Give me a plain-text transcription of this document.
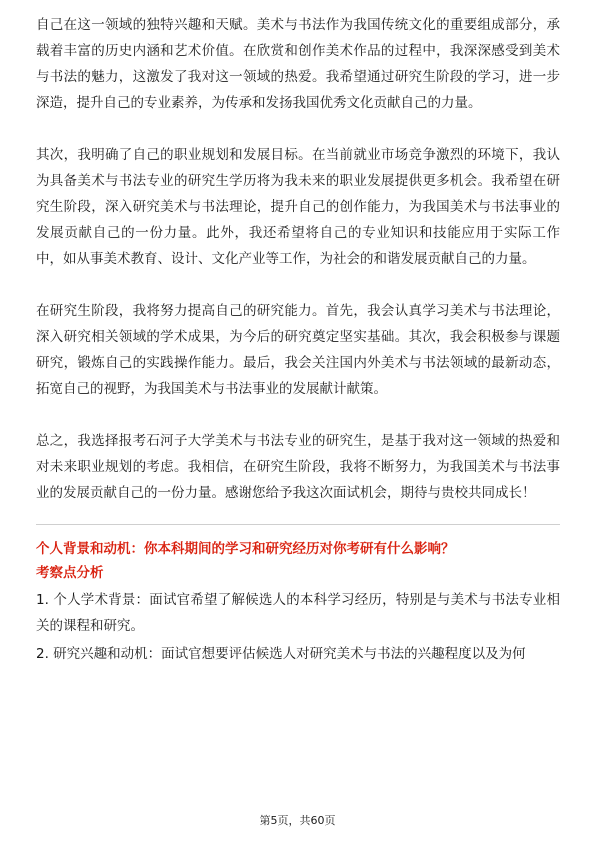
自己在这一领域的独特兴趣和天赋。美术与书法作为我国传统文化的重要组成部分，承载着丰富的历史内涵和艺术价值。在欣赏和创作美术作品的过程中，我深深感受到美术与书法的魅力，这激发了我对这一领域的热爱。我希望通过研究生阶段的学习，进一步深造，提升自己的专业素养，为传承和发扬我国优秀文化贡献自己的力量。

其次，我明确了自己的职业规划和发展目标。在当前就业市场竞争激烈的环境下，我认为具备美术与书法专业的研究生学历将为我未来的职业发展提供更多机会。我希望在研究生阶段，深入研究美术与书法理论，提升自己的创作能力，为我国美术与书法事业的发展贡献自己的一份力量。此外，我还希望将自己的专业知识和技能应用于实际工作中，如从事美术教育、设计、文化产业等工作，为社会的和谐发展贡献自己的力量。

在研究生阶段，我将努力提高自己的研究能力。首先，我会认真学习美术与书法理论，深入研究相关领域的学术成果，为今后的研究奠定坚实基础。其次，我会积极参与课题研究，锻炼自己的实践操作能力。最后，我会关注国内外美术与书法领域的最新动态，拓宽自己的视野，为我国美术与书法事业的发展献计献策。

总之，我选择报考石河子大学美术与书法专业的研究生，是基于我对这一领域的热爱和对未来职业规划的考虑。我相信，在研究生阶段，我将不断努力，为我国美术与书法事业的发展贡献自己的一份力量。感谢您给予我这次面试机会，期待与贵校共同成长！

个人背景和动机：你本科期间的学习和研究经历对你考研有什么影响？

考察点分析

1. 个人学术背景：面试官希望了解候选人的本科学习经历，特别是与美术与书法专业相关的课程和研究。

2. 研究兴趣和动机：面试官想要评估候选人对研究美术与书法的兴趣程度以及为何

第5页，共60页
